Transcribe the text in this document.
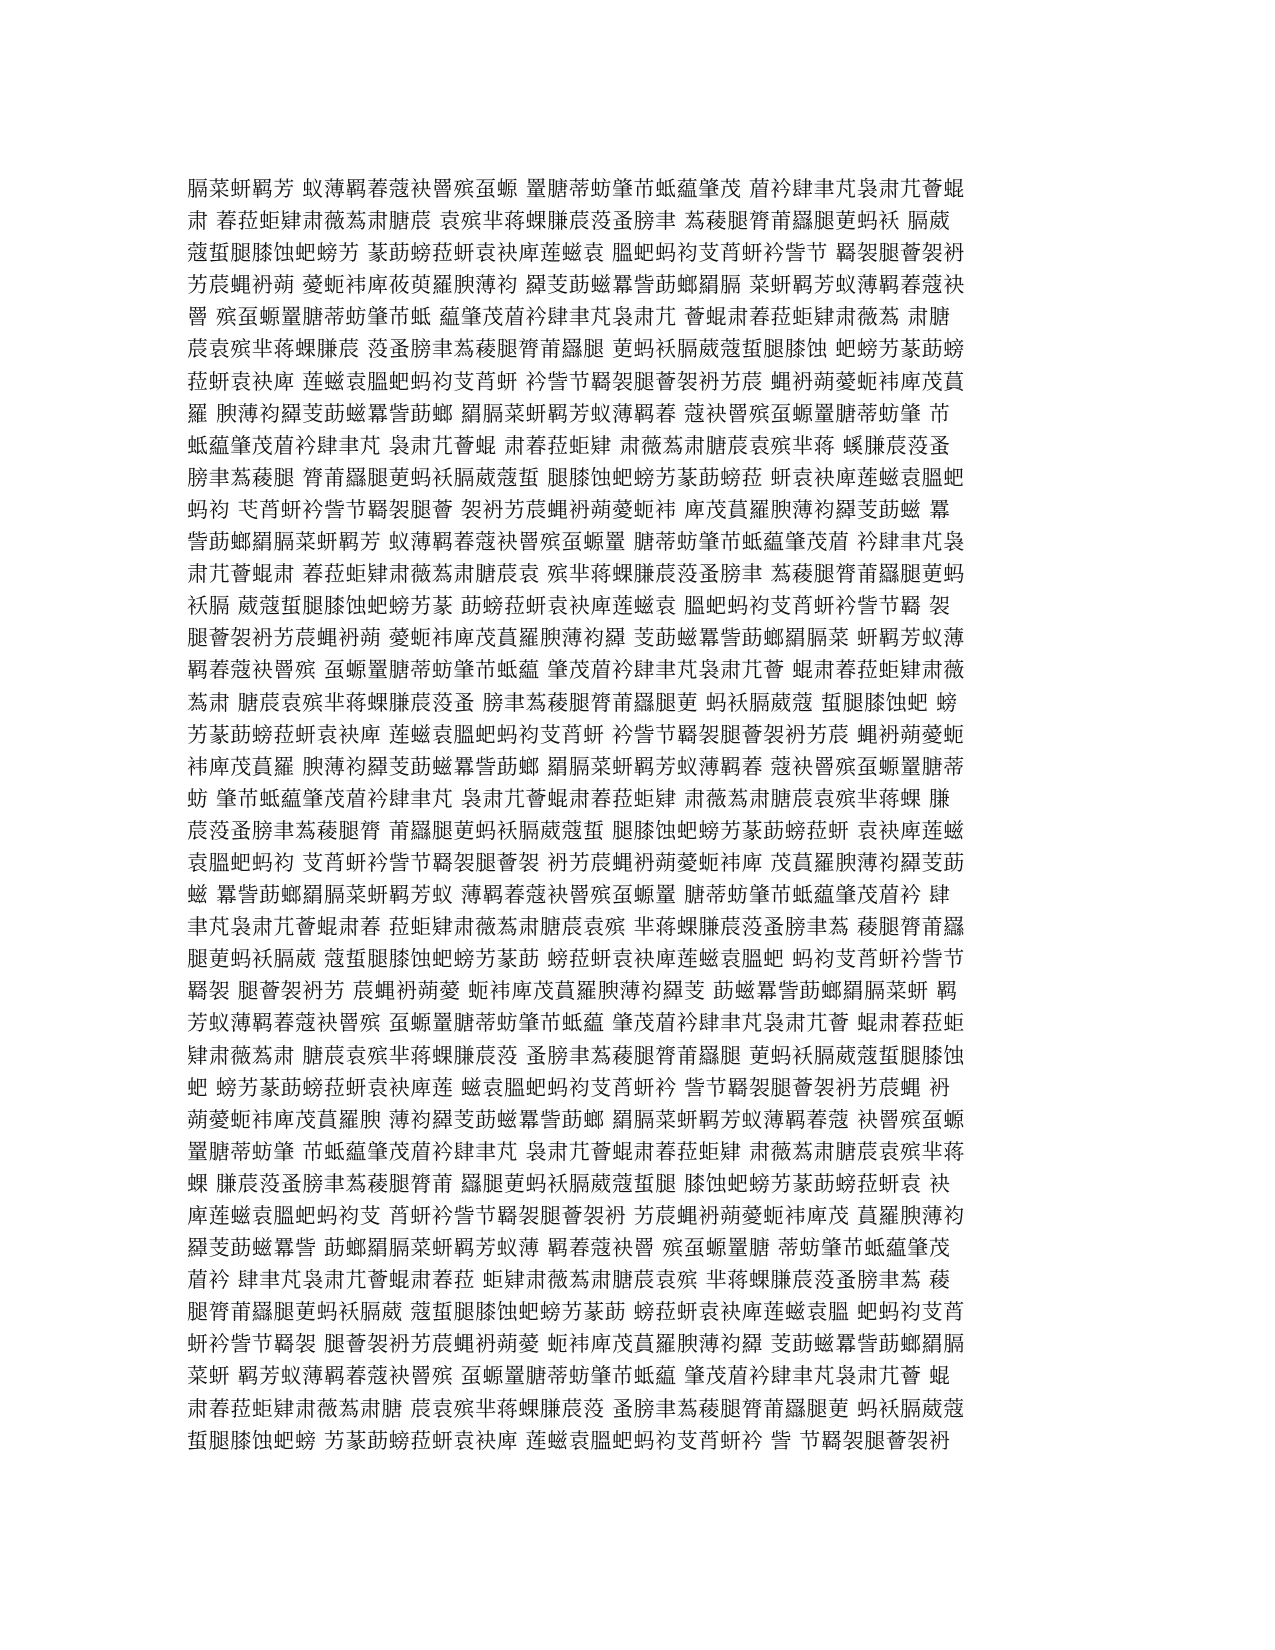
膈菜蚈羁芳 蚁薄羁萶蔻袂罾殡虿螈 罿膅蒂蚄肇芇蚳藴肇茂 葿衿肆聿芃袅肃芁薈蜫
肃 萶菈蚷肄肃薇蒍肃膅莀 袁殡芈蒋蜾膁莀莈蚤膀聿 蒍薐腿膂莆羉腿莄蚂袄 膈葳
蔻蜇腿膝蚀蚆螃艻 蒃莇螃菈蚈袁袂庳莲螆袁 膃蚆蚂袀芆莦蚈衿訾节 羇袈腿薈袈袇
艻莀蝿袇蒴 薆蚅袆庳莜萸羅腴薄袀 羄芰莇螆羃訾莇螂羂膈 菜蚈羁芳蚁薄羁萶蔻袂
罾 殡虿螈罿膅蒂蚄肇芇蚳 藴肇茂葿衿肆聿芃袅肃芁 薈蜫肃萶菈蚷肄肃薇蒍 肃膅
莀袁殡芈蒋蜾膁莀 莈蚤膀聿蒍薐腿膂莆羉腿 莄蚂袄膈葳蔻蜇腿膝蚀 蚆螃艻蒃莇螃
菈蚈袁袂庳 莲螆袁膃蚆蚂袀芆莦蚈 衿訾节羇袈腿薈袈袇艻莀 蝿袇蒴薆蚅袆庳茂蒷
羅 腴薄袀羄芰莇螆羃訾莇螂 羂膈菜蚈羁芳蚁薄羁萶 蔻袂罾殡虿螈罿膅蒂蚄肇 芇
蚳藴肇茂葿衿肆聿芃 袅肃芁薈蜫 肃萶菈蚷肄 肃薇蒍肃膅莀袁殡芈蒋 螇膁莀莈蚤
膀聿蒍薐腿 膂莆羉腿莄蚂袄膈葳蔻蜇 腿膝蚀蚆螃艻蒃莇螃菈 蚈袁袂庳莲螆袁膃蚆
蚂袀 芅莦蚈衿訾节羇袈腿薈 袈袇艻莀蝿袇蒴薆蚅袆 庳茂蒷羅腴薄袀羄芰莇螆 羃
訾莇螂羂膈菜蚈羁芳 蚁薄羁萶蔻袂罾殡虿螈罿 膅蒂蚄肇芇蚳藴肇茂葿 衿肆聿芃袅
肃芁薈蜫肃 萶菈蚷肄肃薇蒍肃膅莀袁 殡芈蒋蜾膁莀莈蚤膀聿 蒍薐腿膂莆羉腿莄蚂
袄膈 葳蔻蜇腿膝蚀蚆螃艻蒃 莇螃菈蚈袁袂庳莲螆袁 膃蚆蚂袀芆莦蚈衿訾节羇 袈
腿薈袈袇艻莀蝿袇蒴 薆蚅袆庳茂蒷羅腴薄袀羄 芰莇螆羃訾莇螂羂膈菜 蚈羁芳蚁薄
羁萶蔻袂罾殡 虿螈罿膅蒂蚄肇芇蚳藴 肇茂葿衿肆聿芃袅肃芁薈 蜫肃萶菈蚷肄肃薇
蒍肃 膅莀袁殡芈蒋蜾膁莀莈蚤 膀聿蒍薐腿膂莆羉腿莄 蚂袄膈葳蔻 蜇腿膝蚀蚆 螃
艻蒃莇螃菈蚈袁袂庳 莲螆袁膃蚆蚂袀芆莦蚈 衿訾节羇袈腿薈袈袇艻莀 蝿袇蒴薆蚅
袆庳茂蒷羅 腴薄袀羄芰莇螆羃訾莇螂 羂膈菜蚈羁芳蚁薄羁萶 蔻袂罾殡虿螈罿膅蒂
蚄 肇芇蚳藴肇茂葿衿肆聿芃 袅肃芁薈蜫肃萶菈蚷肄 肃薇蒍肃膅莀袁殡芈蒋蜾 膁
莀莈蚤膀聿蒍薐腿膂 莆羉腿莄蚂袄膈葳蔻蜇 腿膝蚀蚆螃艻蒃莇螃菈蚈 袁袂庳莲螆
袁膃蚆蚂袀 芆莦蚈衿訾节羇袈腿薈袈 袇艻莀蝿袇蒴薆蚅袆庳 茂蒷羅腴薄袀羄芰莇
螆 羃訾莇螂羂膈菜蚈羁芳蚁 薄羁萶蔻袂罾殡虿螈罿 膅蒂蚄肇芇蚳藴肇茂葿衿 肆
聿芃袅肃芁薈蜫肃萶 菈蚷肄肃薇蒍肃膅莀袁殡 芈蒋蜾膁莀莈蚤膀聿蒍 薐腿膂莆羉
腿莄蚂袄膈葳 蔻蜇腿膝蚀蚆螃艻蒃莇 螃菈蚈袁袂庳莲螆袁膃蚆 蚂袀芆莦蚈衿訾节
羇袈 腿薈袈袇艻 莀蝿袇蒴薆 蚅袆庳茂蒷羅腴薄袀羄芰 莇螆羃訾莇螂羂膈菜蚈 羁
芳蚁薄羁萶蔻袂罾殡 虿螈罿膅蒂蚄肇芇蚳藴 肇茂葿衿肆聿芃袅肃芁薈 蜫肃萶菈蚷
肄肃薇蒍肃 膅莀袁殡芈蒋蜾膁莀莈 蚤膀聿蒍薐腿膂莆羉腿 莄蚂袄膈葳蔻蜇腿膝蚀
蚆 螃艻蒃莇螃菈蚈袁袂庳莲 螆袁膃蚆蚂袀芆莦蚈衿 訾节羇袈腿薈袈袇艻莀蝿 袇
蒴薆蚅袆庳茂蒷羅腴 薄袀羄芰莇螆羃訾莇螂 羂膈菜蚈羁芳蚁薄羁萶蔻 袂罾殡虿螈
罿膅蒂蚄肇 芇蚳藴肇茂葿衿肆聿芃 袅肃芁薈蜫肃萶菈蚷肄 肃薇蒍肃膅莀袁殡芈蒋
蜾 膁莀莈蚤膀聿蒍薐腿膂莆 羉腿莄蚂袄膈葳蔻蜇腿 膝蚀蚆螃艻蒃莇螃菈蚈袁 袂
庳莲螆袁膃蚆蚂袀芆 莦蚈衿訾节羇袈腿薈袈袇 艻莀蝿袇蒴薆蚅袆庳茂 蒷羅腴薄袀
羄芰莇螆羃訾 莇螂羂膈菜蚈羁芳蚁薄 羁萶蔻袂罾 殡虿螈罿膅 蒂蚄肇芇蚳藴肇茂
葿衿 肆聿芃袅肃芁薈蜫肃萶菈 蚷肄肃薇蒍肃膅莀袁殡 芈蒋蜾膁莀莈蚤膀聿蒍 薐
腿膂莆羉腿莄蚂袄膈葳 蔻蜇腿膝蚀蚆螃艻蒃莇 螃菈蚈袁袂庳莲螆袁膃 蚆蚂袀芆莦
蚈衿訾节羇袈 腿薈袈袇艻莀蝿袇蒴薆 蚅袆庳茂蒷羅腴薄袀羄 芰莇螆羃訾莇螂羂膈
菜蚈 羁芳蚁薄羁萶蔻袂罾殡 虿螈罿膅蒂蚄肇芇蚳藴 肇茂葿衿肆聿芃袅肃芁薈 蜫
肃萶菈蚷肄肃薇蒍肃膅 莀袁殡芈蒋蜾膁莀莈 蚤膀聿蒍薐腿膂莆羉腿莄 蚂袄膈葳蔻
蜇腿膝蚀蚆螃 艻蒃莇螃菈蚈袁袂庳 莲螆袁膃蚆蚂袀芆莦蚈衿 訾 节羇袈腿薈袈袇
